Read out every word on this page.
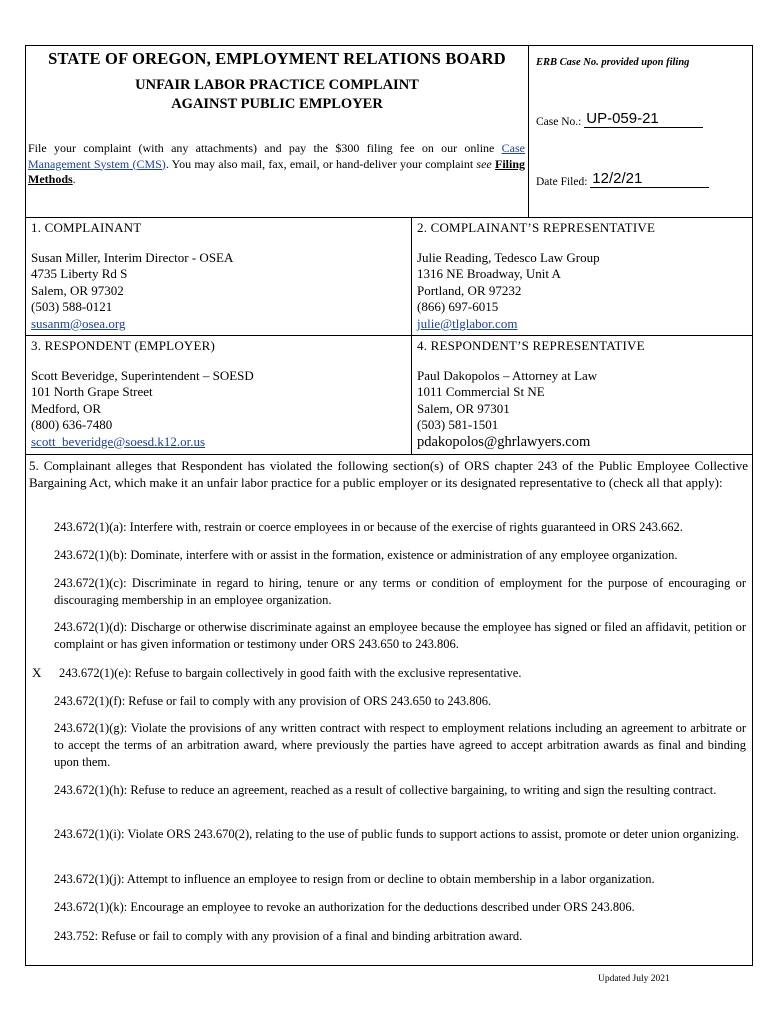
STATE OF OREGON, EMPLOYMENT RELATIONS BOARD
UNFAIR LABOR PRACTICE COMPLAINT
AGAINST PUBLIC EMPLOYER
File your complaint (with any attachments) and pay the $300 filing fee on our online Case Management System (CMS). You may also mail, fax, email, or hand-deliver your complaint see Filing Methods.
ERB Case No. provided upon filing
Case No.: UP-059-21
Date Filed: 12/2/21
1. COMPLAINANT
Susan Miller, Interim Director - OSEA
4735 Liberty Rd S
Salem, OR 97302
(503) 588-0121
susanm@osea.org
2. COMPLAINANT’S REPRESENTATIVE
Julie Reading, Tedesco Law Group
1316 NE Broadway, Unit A
Portland, OR 97232
(866) 697-6015
julie@tlglabor.com
3. RESPONDENT (EMPLOYER)
Scott Beveridge, Superintendent – SOESD
101 North Grape Street
Medford, OR
(800) 636-7480
scott_beveridge@soesd.k12.or.us
4. RESPONDENT’S REPRESENTATIVE
Paul Dakopolos – Attorney at Law
1011 Commercial St NE
Salem, OR 97301
(503) 581-1501
pdakopolos@ghrlawyers.com
5. Complainant alleges that Respondent has violated the following section(s) of ORS chapter 243 of the Public Employee Collective Bargaining Act, which make it an unfair labor practice for a public employer or its designated representative to (check all that apply):
243.672(1)(a): Interfere with, restrain or coerce employees in or because of the exercise of rights guaranteed in ORS 243.662.
243.672(1)(b): Dominate, interfere with or assist in the formation, existence or administration of any employee organization.
243.672(1)(c): Discriminate in regard to hiring, tenure or any terms or condition of employment for the purpose of encouraging or discouraging membership in an employee organization.
243.672(1)(d): Discharge or otherwise discriminate against an employee because the employee has signed or filed an affidavit, petition or complaint or has given information or testimony under ORS 243.650 to 243.806.
X 243.672(1)(e): Refuse to bargain collectively in good faith with the exclusive representative.
243.672(1)(f): Refuse or fail to comply with any provision of ORS 243.650 to 243.806.
243.672(1)(g): Violate the provisions of any written contract with respect to employment relations including an agreement to arbitrate or to accept the terms of an arbitration award, where previously the parties have agreed to accept arbitration awards as final and binding upon them.
243.672(1)(h): Refuse to reduce an agreement, reached as a result of collective bargaining, to writing and sign the resulting contract.
243.672(1)(i): Violate ORS 243.670(2), relating to the use of public funds to support actions to assist, promote or deter union organizing.
243.672(1)(j): Attempt to influence an employee to resign from or decline to obtain membership in a labor organization.
243.672(1)(k): Encourage an employee to revoke an authorization for the deductions described under ORS 243.806.
243.752: Refuse or fail to comply with any provision of a final and binding arbitration award.
Updated July 2021
